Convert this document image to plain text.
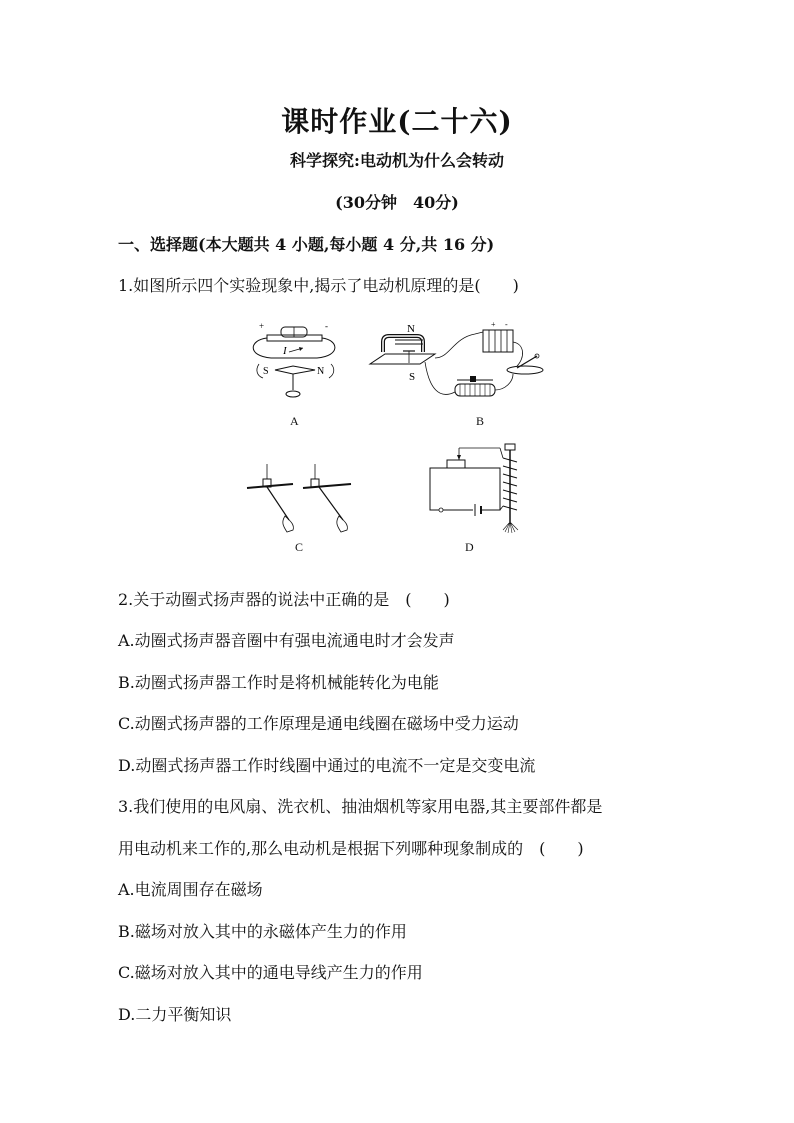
课时作业(二十六)
科学探究:电动机为什么会转动
(30分钟　40分)
一、选择题(本大题共 4 小题,每小题 4 分,共 16 分)
1.如图所示四个实验现象中,揭示了电动机原理的是(　　)
+	-
I
S	N
A
N
S
+ -
B
C	D
2.关于动圈式扬声器的说法中正确的是　(　　)
A.动圈式扬声器音圈中有强电流通电时才会发声
B.动圈式扬声器工作时是将机械能转化为电能
C.动圈式扬声器的工作原理是通电线圈在磁场中受力运动
D.动圈式扬声器工作时线圈中通过的电流不一定是交变电流
3.我们使用的电风扇、洗衣机、抽油烟机等家用电器,其主要部件都是
用电动机来工作的,那么电动机是根据下列哪种现象制成的　(　　)
A.电流周围存在磁场
B.磁场对放入其中的永磁体产生力的作用
C.磁场对放入其中的通电导线产生力的作用
D.二力平衡知识
